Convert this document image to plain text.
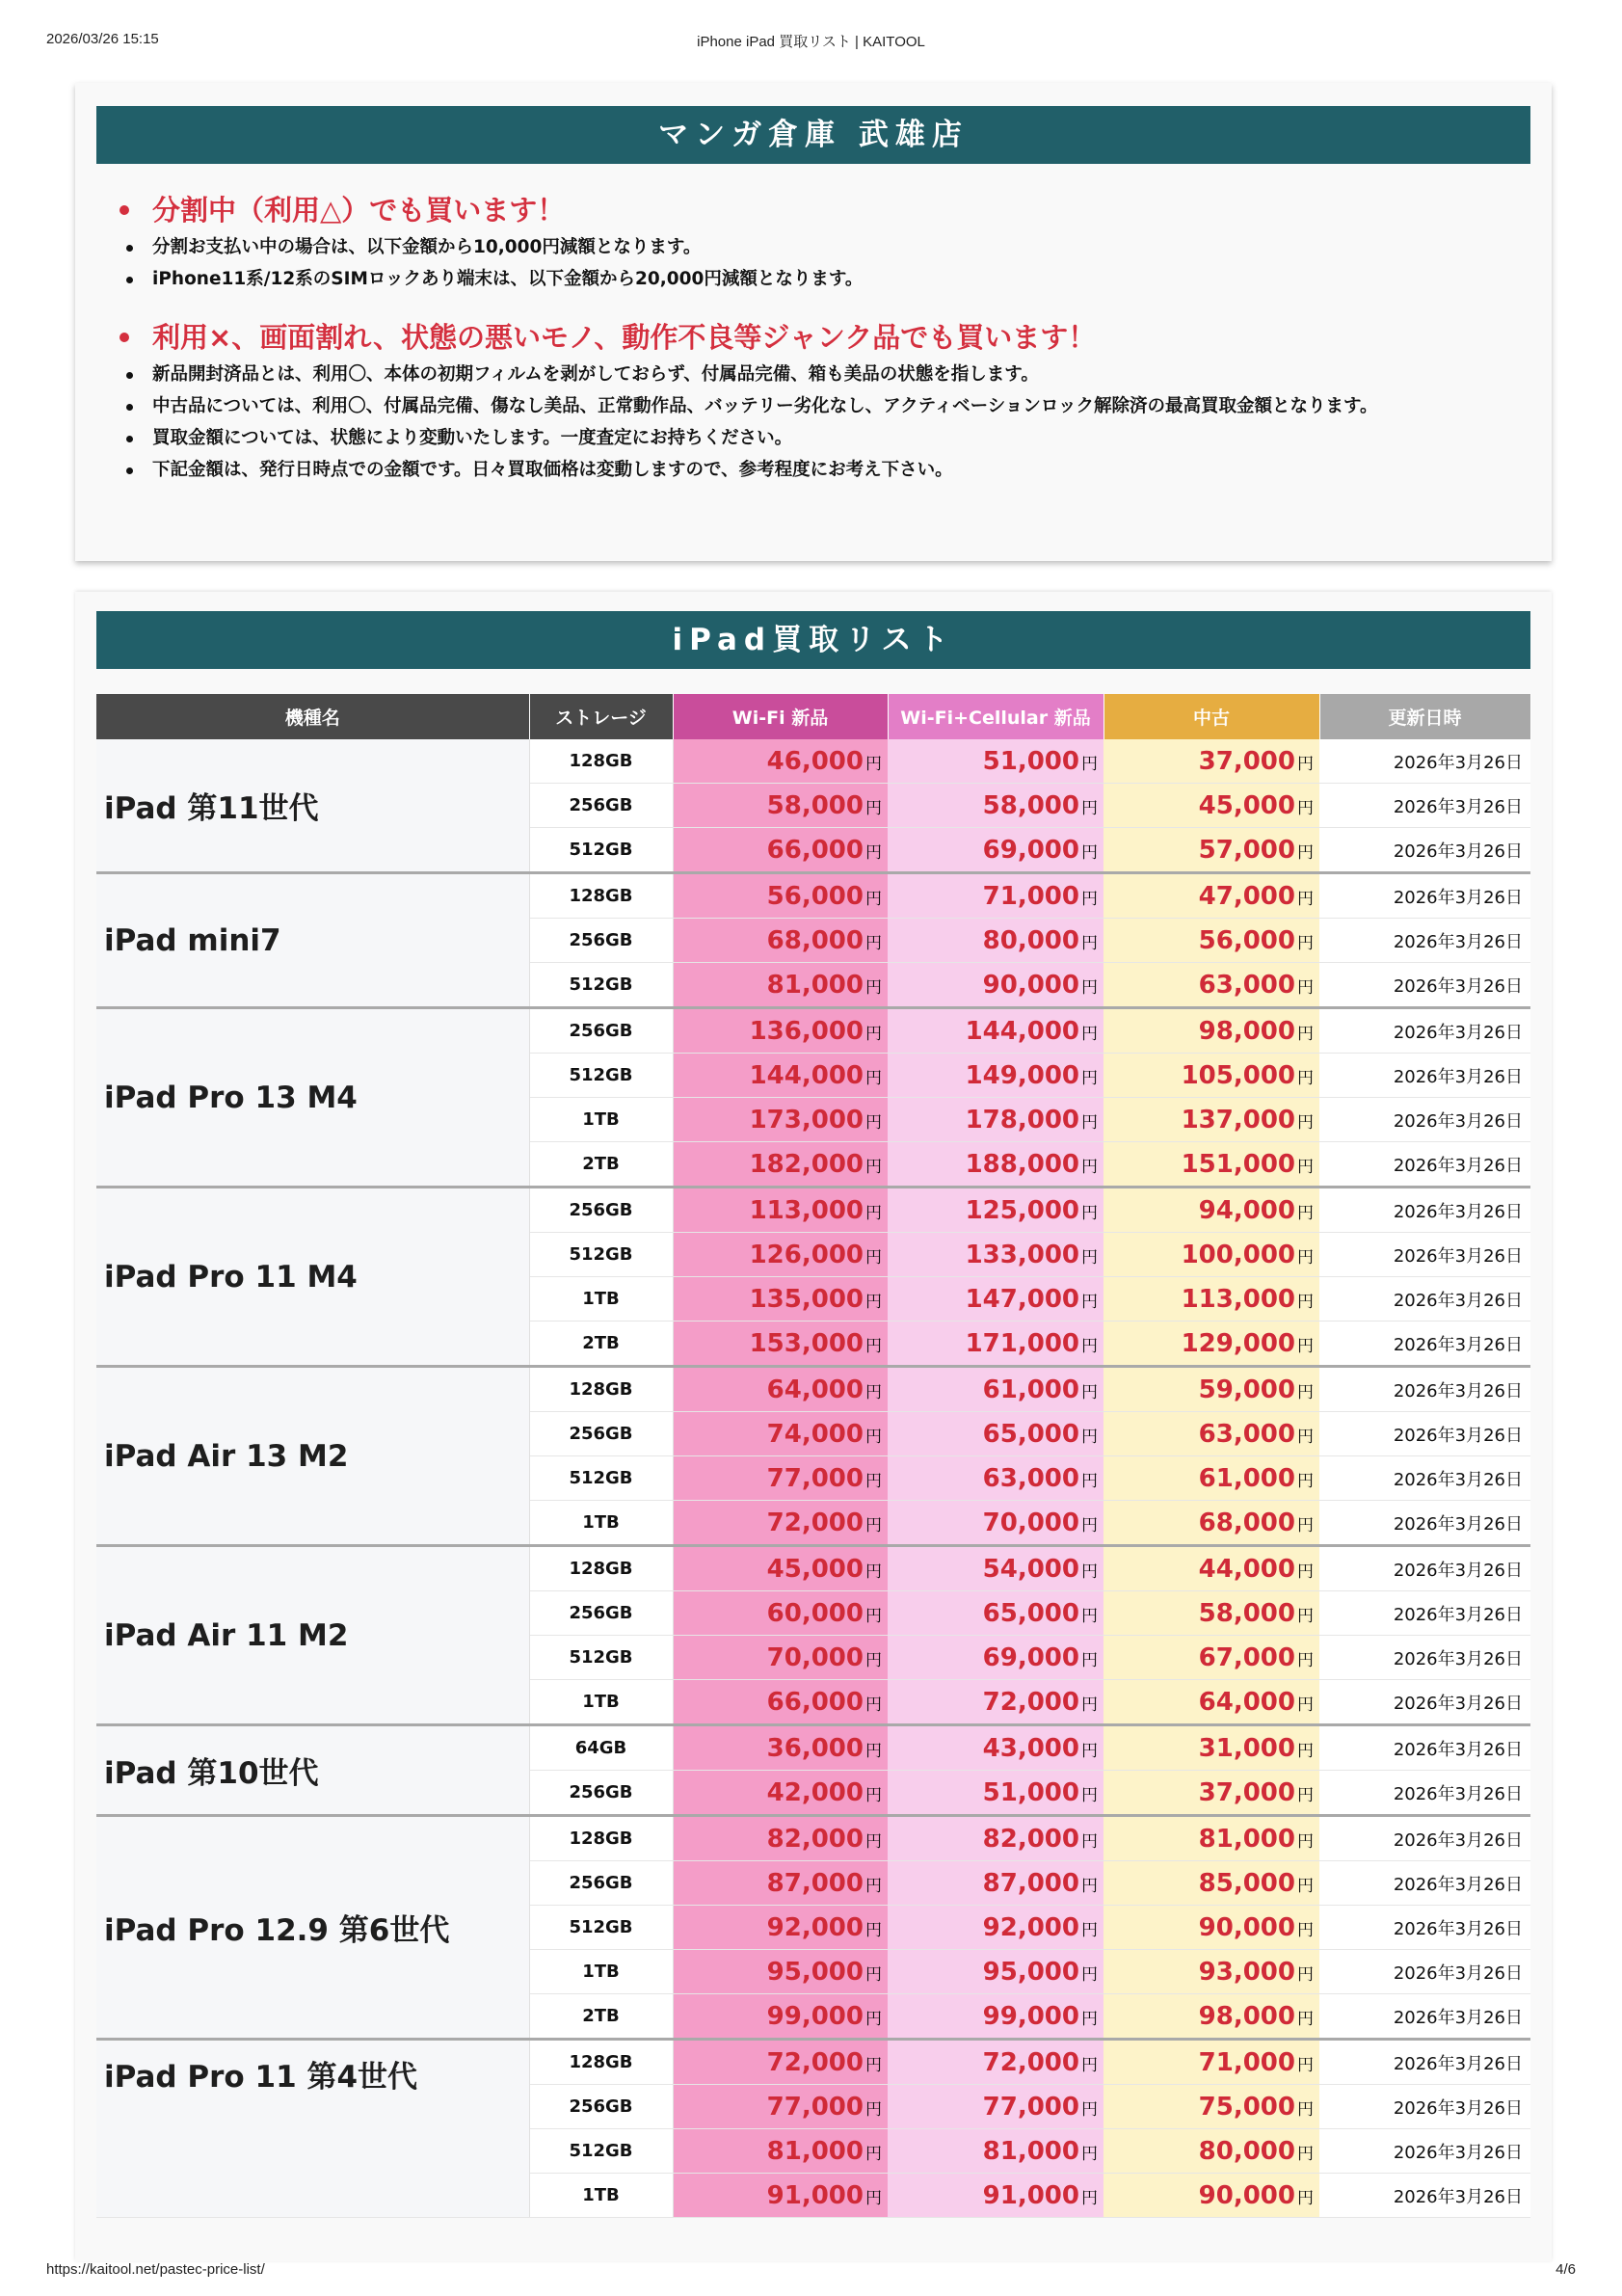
2026/03/26 15:15	iPhone iPad 買取リスト | KAITOOL
マンガ倉庫 武雄店
分割中（利用△）でも買います！
分割お支払い中の場合は、以下金額から10,000円減額となります。
iPhone11系/12系のSIMロックあり端末は、以下金額から20,000円減額となります。
利用×、画面割れ、状態の悪いモノ、動作不良等ジャンク品でも買います！
新品開封済品とは、利用〇、本体の初期フィルムを剥がしておらず、付属品完備、箱も美品の状態を指します。
中古品については、利用〇、付属品完備、傷なし美品、正常動作品、バッテリー劣化なし、アクティベーションロック解除済の最高買取金額となります。
買取金額については、状態により変動いたします。一度査定にお持ちください。
下記金額は、発行日時点での金額です。日々買取価格は変動しますので、参考程度にお考え下さい。
iPad買取リスト
機種名	ストレージ	Wi-Fi 新品	Wi-Fi+Cellular 新品	中古	更新日時
iPad 第11世代	128GB	46,000 円	51,000 円	37,000 円	2026年3月26日
	256GB	58,000 円	58,000 円	45,000 円	2026年3月26日
	512GB	66,000 円	69,000 円	57,000 円	2026年3月26日
iPad mini7	128GB	56,000 円	71,000 円	47,000 円	2026年3月26日
	256GB	68,000 円	80,000 円	56,000 円	2026年3月26日
	512GB	81,000 円	90,000 円	63,000 円	2026年3月26日
iPad Pro 13 M4	256GB	136,000 円	144,000 円	98,000 円	2026年3月26日
	512GB	144,000 円	149,000 円	105,000 円	2026年3月26日
	1TB	173,000 円	178,000 円	137,000 円	2026年3月26日
	2TB	182,000 円	188,000 円	151,000 円	2026年3月26日
iPad Pro 11 M4	256GB	113,000 円	125,000 円	94,000 円	2026年3月26日
	512GB	126,000 円	133,000 円	100,000 円	2026年3月26日
	1TB	135,000 円	147,000 円	113,000 円	2026年3月26日
	2TB	153,000 円	171,000 円	129,000 円	2026年3月26日
iPad Air 13 M2	128GB	64,000 円	61,000 円	59,000 円	2026年3月26日
	256GB	74,000 円	65,000 円	63,000 円	2026年3月26日
	512GB	77,000 円	63,000 円	61,000 円	2026年3月26日
	1TB	72,000 円	70,000 円	68,000 円	2026年3月26日
iPad Air 11 M2	128GB	45,000 円	54,000 円	44,000 円	2026年3月26日
	256GB	60,000 円	65,000 円	58,000 円	2026年3月26日
	512GB	70,000 円	69,000 円	67,000 円	2026年3月26日
	1TB	66,000 円	72,000 円	64,000 円	2026年3月26日
iPad 第10世代	64GB	36,000 円	43,000 円	31,000 円	2026年3月26日
	256GB	42,000 円	51,000 円	37,000 円	2026年3月26日
iPad Pro 12.9 第6世代	128GB	82,000 円	82,000 円	81,000 円	2026年3月26日
	256GB	87,000 円	87,000 円	85,000 円	2026年3月26日
	512GB	92,000 円	92,000 円	90,000 円	2026年3月26日
	1TB	95,000 円	95,000 円	93,000 円	2026年3月26日
	2TB	99,000 円	99,000 円	98,000 円	2026年3月26日
iPad Pro 11 第4世代	128GB	72,000 円	72,000 円	71,000 円	2026年3月26日
	256GB	77,000 円	77,000 円	75,000 円	2026年3月26日
	512GB	81,000 円	81,000 円	80,000 円	2026年3月26日
	1TB	91,000 円	91,000 円	90,000 円	2026年3月26日
https://kaitool.net/pastec-price-list/	4/6
